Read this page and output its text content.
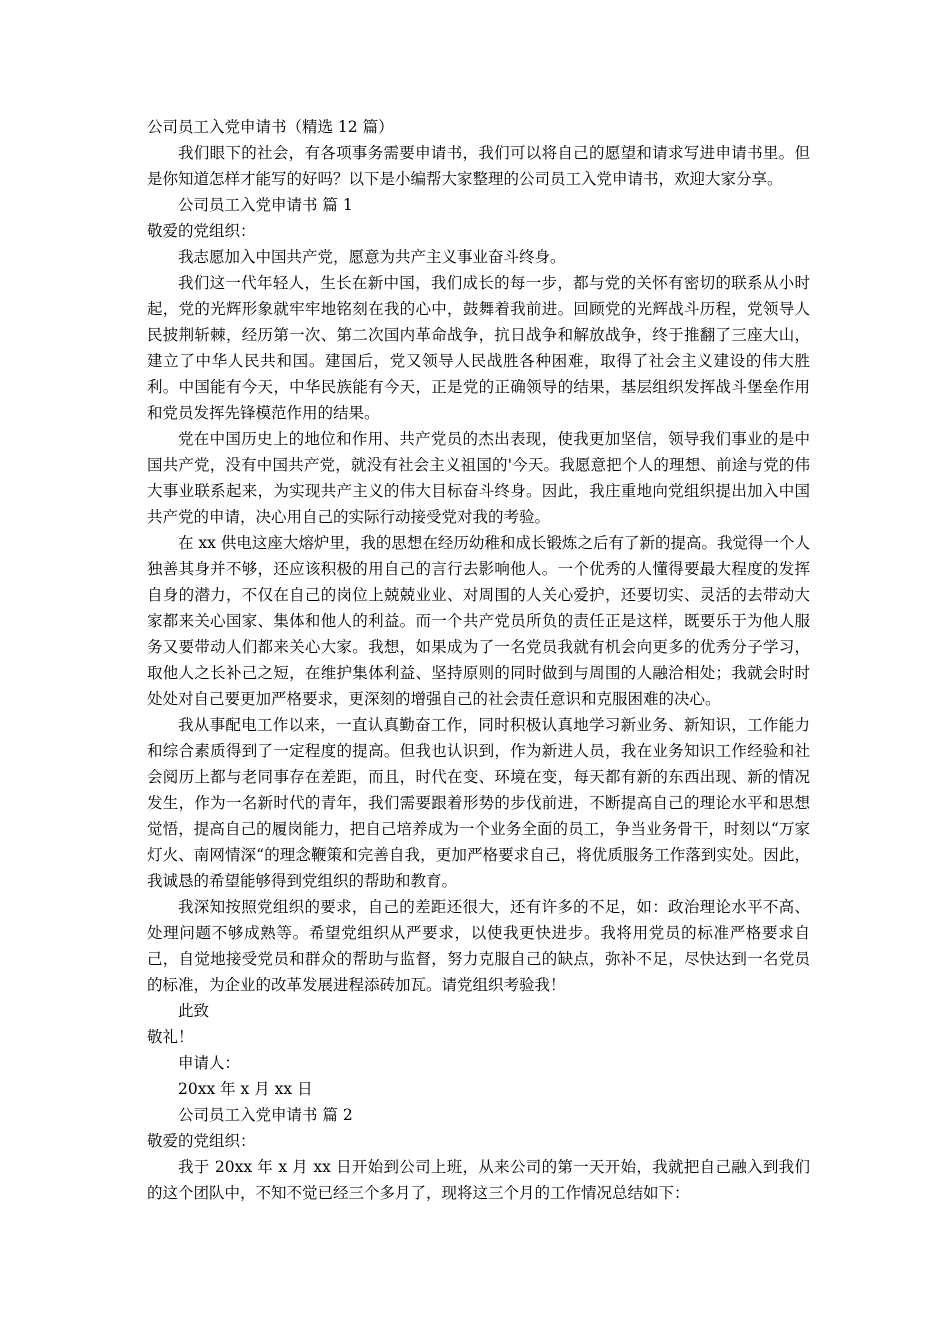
公司员工入党申请书（精选 12 篇）

我们眼下的社会，有各项事务需要申请书，我们可以将自己的愿望和请求写进申请书里。但是你知道怎样才能写的好吗？以下是小编帮大家整理的公司员工入党申请书，欢迎大家分享。

公司员工入党申请书 篇 1

敬爱的党组织：

我志愿加入中国共产党，愿意为共产主义事业奋斗终身。

我们这一代年轻人，生长在新中国，我们成长的每一步，都与党的关怀有密切的联系从小时起，党的光辉形象就牢牢地铭刻在我的心中，鼓舞着我前进。回顾党的光辉战斗历程，党领导人民披荆斩棘，经历第一次、第二次国内革命战争，抗日战争和解放战争，终于推翻了三座大山，建立了中华人民共和国。建国后，党又领导人民战胜各种困难，取得了社会主义建设的伟大胜利。中国能有今天，中华民族能有今天，正是党的正确领导的结果，基层组织发挥战斗堡垒作用和党员发挥先锋模范作用的结果。

党在中国历史上的地位和作用、共产党员的杰出表现，使我更加坚信，领导我们事业的是中国共产党，没有中国共产党，就没有社会主义祖国的'今天。我愿意把个人的理想、前途与党的伟大事业联系起来，为实现共产主义的伟大目标奋斗终身。因此，我庄重地向党组织提出加入中国共产党的申请，决心用自己的实际行动接受党对我的考验。

在 xx 供电这座大熔炉里，我的思想在经历幼稚和成长锻炼之后有了新的提高。我觉得一个人独善其身并不够，还应该积极的用自己的言行去影响他人。一个优秀的人懂得要最大程度的发挥自身的潜力，不仅在自己的岗位上兢兢业业、对周围的人关心爱护，还要切实、灵活的去带动大家都来关心国家、集体和他人的利益。而一个共产党员所负的责任正是这样，既要乐于为他人服务又要带动人们都来关心大家。我想，如果成为了一名党员我就有机会向更多的优秀分子学习，取他人之长补己之短，在维护集体利益、坚持原则的同时做到与周围的人融洽相处；我就会时时处处对自己要更加严格要求，更深刻的增强自己的社会责任意识和克服困难的决心。

我从事配电工作以来，一直认真勤奋工作，同时积极认真地学习新业务、新知识，工作能力和综合素质得到了一定程度的提高。但我也认识到，作为新进人员，我在业务知识工作经验和社会阅历上都与老同事存在差距，而且，时代在变、环境在变，每天都有新的东西出现、新的情况发生，作为一名新时代的青年，我们需要跟着形势的步伐前进，不断提高自己的理论水平和思想觉悟，提高自己的履岗能力，把自己培养成为一个业务全面的员工，争当业务骨干，时刻以“万家灯火、南网情深“的理念鞭策和完善自我，更加严格要求自己，将优质服务工作落到实处。因此，我诚恳的希望能够得到党组织的帮助和教育。

我深知按照党组织的要求，自己的差距还很大，还有许多的不足，如：政治理论水平不高、处理问题不够成熟等。希望党组织从严要求，以使我更快进步。我将用党员的标准严格要求自己，自觉地接受党员和群众的帮助与监督，努力克服自己的缺点，弥补不足，尽快达到一名党员的标准，为企业的改革发展进程添砖加瓦。请党组织考验我！

此致

敬礼！

申请人：

20xx 年 x 月 xx 日

公司员工入党申请书 篇 2

敬爱的党组织：

我于 20xx 年 x 月 xx 日开始到公司上班，从来公司的第一天开始，我就把自己融入到我们的这个团队中，不知不觉已经三个多月了，现将这三个月的工作情况总结如下：
